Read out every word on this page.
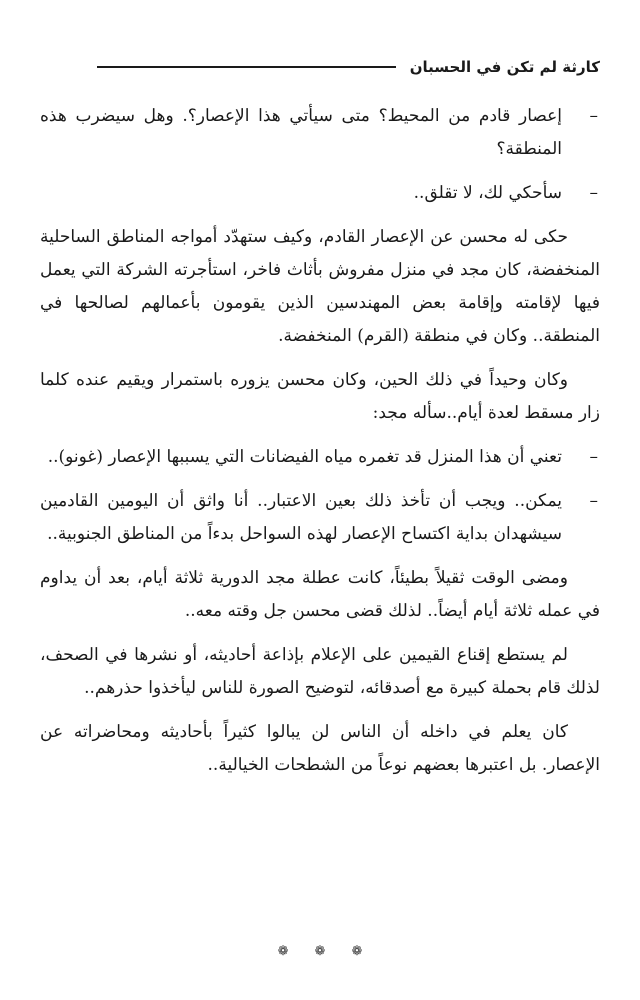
كارثة لم تكن في الحسبان
–
إعصار قادم من المحيط؟ متى سيأتي هذا الإعصار؟. وهل سيضرب هذه المنطقة؟
–
سأحكي لك، لا تقلق..

حكى له محسن عن الإعصار القادم، وكيف ستهدّد أمواجه المناطق الساحلية المنخفضة، كان مجد في منزل مفروش بأثاث فاخر، استأجرته الشركة التي يعمل فيها لإقامته وإقامة بعض المهندسين الذين يقومون بأعمالهم لصالحها في المنطقة.. وكان في منطقة (القرم) المنخفضة.

وكان وحيداً في ذلك الحين، وكان محسن يزوره باستمرار ويقيم عنده كلما زار مسقط لعدة أيام..سأله مجد:

–
تعني أن هذا المنزل قد تغمره مياه الفيضانات التي يسببها الإعصار (غونو)..
–
يمكن.. ويجب أن تأخذ ذلك بعين الاعتبار.. أنا واثق أن اليومين القادمين سيشهدان بداية اكتساح الإعصار لهذه السواحل بدءاً من المناطق الجنوبية..

ومضى الوقت ثقيلاً بطيئاً، كانت عطلة مجد الدورية ثلاثة أيام، بعد أن يداوم في عمله ثلاثة أيام أيضاً.. لذلك قضى محسن جل وقته معه..

لم يستطع إقناع القيمين على الإعلام بإذاعة أحاديثه، أو نشرها في الصحف، لذلك قام بحملة كبيرة مع أصدقائه، لتوضيح الصورة للناس ليأخذوا حذرهم..

كان يعلم في داخله أن الناس لن يبالوا كثيراً بأحاديثه ومحاضراته عن الإعصار. بل اعتبرها بعضهم نوعاً من الشطحات الخيالية..

❁
❁
❁
